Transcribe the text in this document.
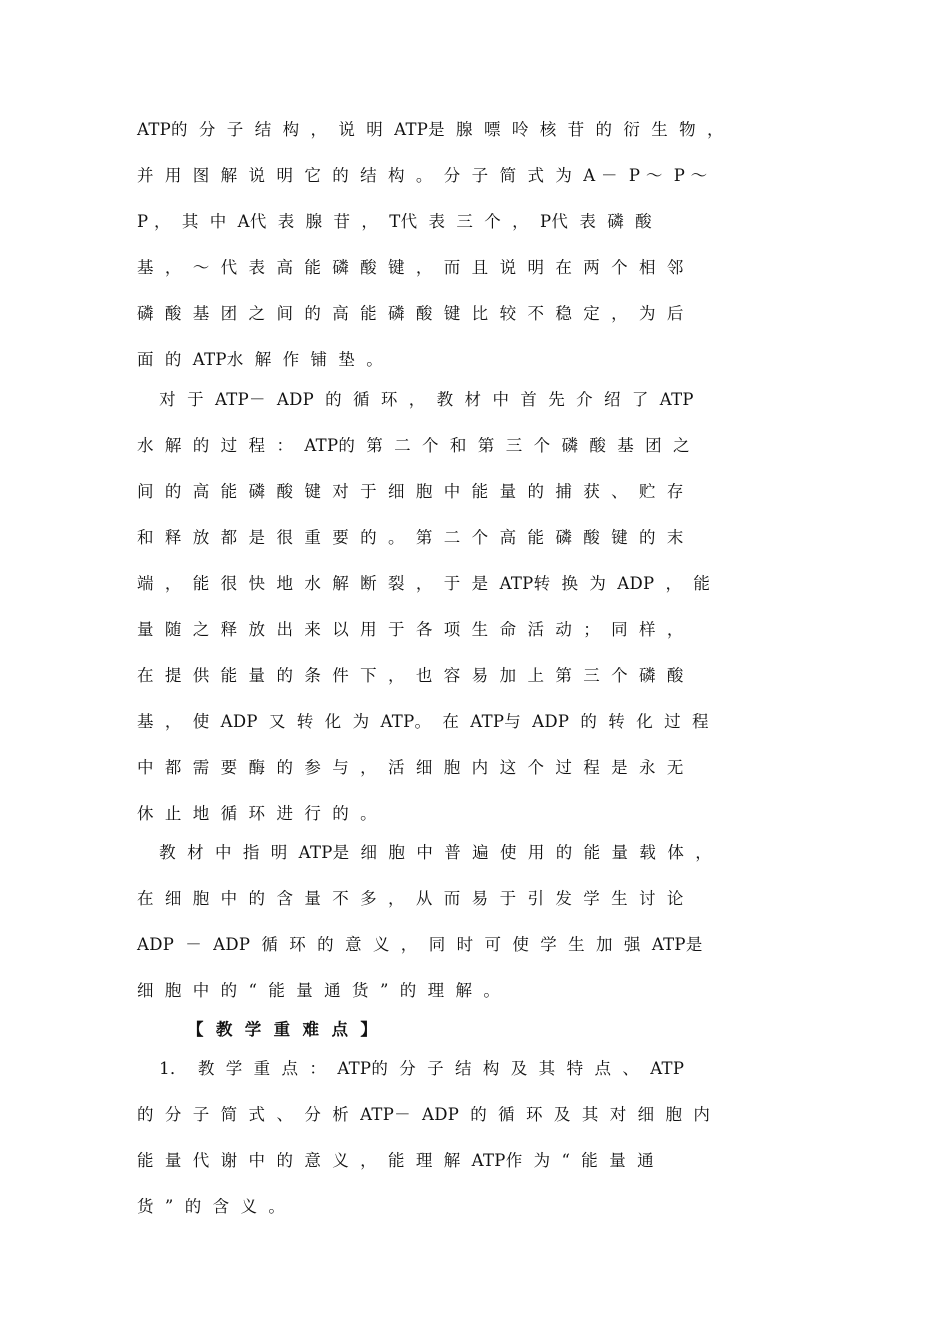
ATP的  分  子  结  构  ，  说  明  ATP是  腺  嘌  呤  核  苷  的  衍  生  物  ，
并  用  图  解  说  明  它  的  结  构  。  分  子  简  式  为  A －  P ～  P ～
P ，  其  中  A代  表  腺  苷  ，  T代  表  三  个  ，  P代  表  磷  酸
基  ，  ～  代  表  高  能  磷  酸  键  ，  而  且  说  明  在  两  个  相  邻
磷  酸  基  团  之  间  的  高  能  磷  酸  键  比  较  不  稳  定  ，  为  后
面  的  ATP水  解  作  铺  垫  。
对  于  ATP－  ADP  的  循  环  ，  教  材  中  首  先  介  绍  了  ATP
水  解  的  过  程  ：  ATP的  第  二  个  和  第  三  个  磷  酸  基  团  之
间  的  高  能  磷  酸  键  对  于  细  胞  中  能  量  的  捕  获  、  贮  存
和  释  放  都  是  很  重  要  的  。  第  二  个  高  能  磷  酸  键  的  末
端  ，  能  很  快  地  水  解  断  裂  ，  于  是  ATP转  换  为  ADP  ，  能
量  随  之  释  放  出  来  以  用  于  各  项  生  命  活  动  ；  同  样  ，
在  提  供  能  量  的  条  件  下  ，  也  容  易  加  上  第  三  个  磷  酸
基  ，  使  ADP  又  转  化  为  ATP。  在  ATP与  ADP  的  转  化  过  程
中  都  需  要  酶  的  参  与  ，  活  细  胞  内  这  个  过  程  是  永  无
休  止  地  循  环  进  行  的  。
教  材  中  指  明  ATP是  细  胞  中  普  遍  使  用  的  能  量  载  体  ，
在  细  胞  中  的  含  量  不  多  ，  从  而  易  于  引  发  学  生  讨  论
ADP  －  ADP  循  环  的  意  义  ，  同  时  可  使  学  生  加  强  ATP是
细  胞  中  的  “  能  量  通  货  ”  的  理  解  。
【  教  学  重  难  点  】
1．  教  学  重  点  ：  ATP的  分  子  结  构  及  其  特  点  、  ATP
的  分  子  简  式  、  分  析  ATP－  ADP  的  循  环  及  其  对  细  胞  内
能  量  代  谢  中  的  意  义  ，  能  理  解  ATP作  为  “  能  量  通
货  ”  的  含  义  。
